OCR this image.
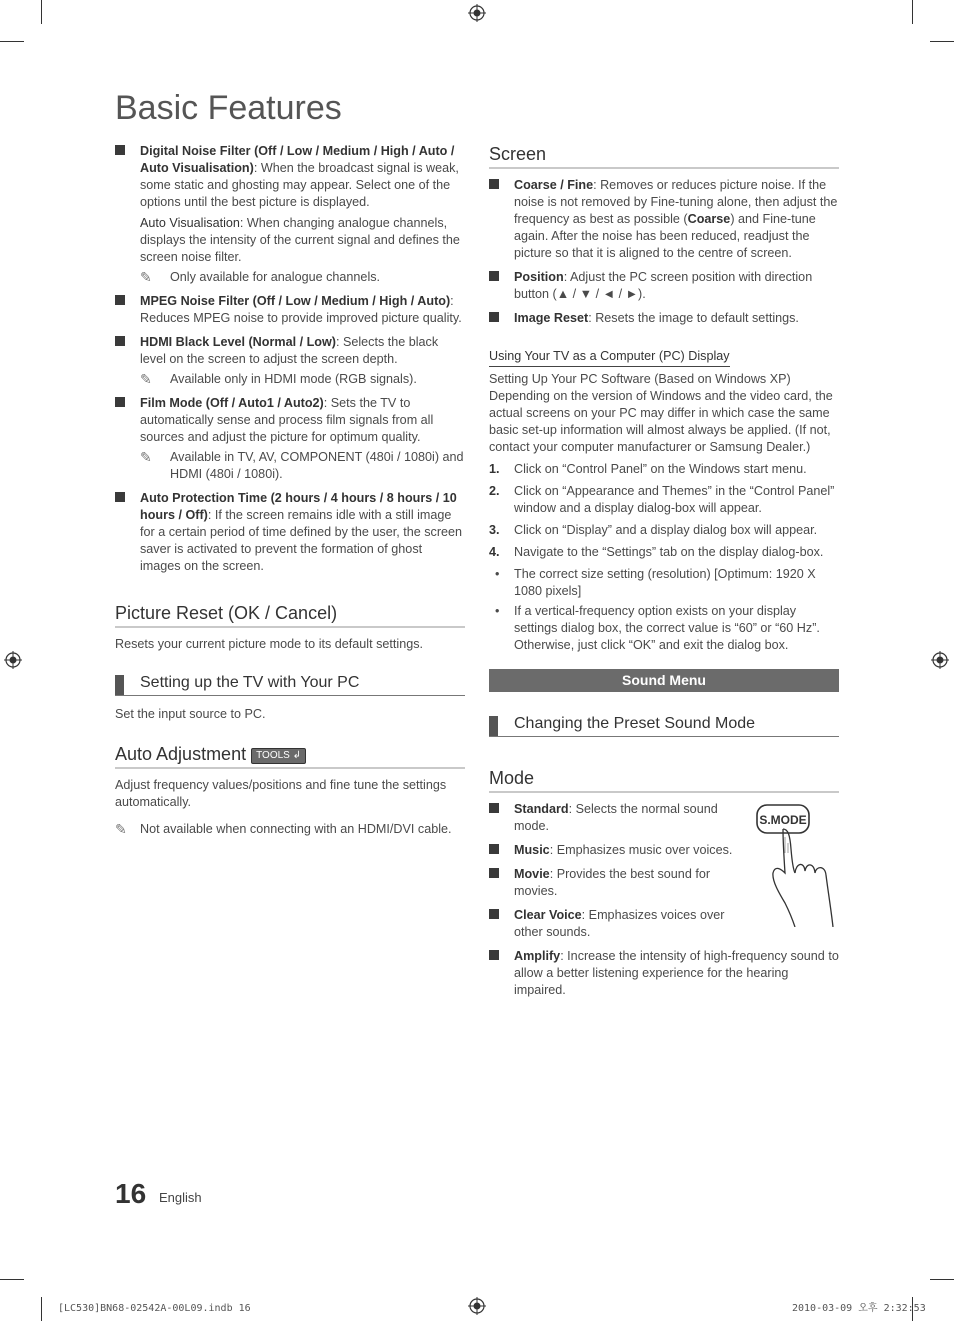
Basic Features
Digital Noise Filter (Off / Low / Medium / High / Auto / Auto Visualisation): When the broadcast signal is weak, some static and ghosting may appear. Select one of the options until the best picture is displayed.
Auto Visualisation: When changing analogue channels, displays the intensity of the current signal and defines the screen noise filter.
✎ Only available for analogue channels.
MPEG Noise Filter (Off / Low / Medium / High / Auto): Reduces MPEG noise to provide improved picture quality.
HDMI Black Level (Normal / Low): Selects the black level on the screen to adjust the screen depth.
✎ Available only in HDMI mode (RGB signals).
Film Mode (Off / Auto1 / Auto2): Sets the TV to automatically sense and process film signals from all sources and adjust the picture for optimum quality.
✎ Available in TV, AV, COMPONENT (480i / 1080i) and HDMI (480i / 1080i).
Auto Protection Time (2 hours / 4 hours / 8 hours / 10 hours / Off): If the screen remains idle with a still image for a certain period of time defined by the user, the screen saver is activated to prevent the formation of ghost images on the screen.
Picture Reset (OK / Cancel)
Resets your current picture mode to its default settings.
Setting up the TV with Your PC
Set the input source to PC.
Auto Adjustment TOOLS ↲
Adjust frequency values/positions and fine tune the settings automatically.
✎ Not available when connecting with an HDMI/DVI cable.
Screen
Coarse / Fine: Removes or reduces picture noise. If the noise is not removed by Fine-tuning alone, then adjust the frequency as best as possible (Coarse) and Fine-tune again. After the noise has been reduced, readjust the picture so that it is aligned to the centre of screen.
Position: Adjust the PC screen position with direction button (▲ / ▼ / ◄ / ►).
Image Reset: Resets the image to default settings.
Using Your TV as a Computer (PC) Display
Setting Up Your PC Software (Based on Windows XP)
Depending on the version of Windows and the video card, the actual screens on your PC may differ in which case the same basic set-up information will almost always be applied. (If not, contact your computer manufacturer or Samsung Dealer.)
1. Click on “Control Panel” on the Windows start menu.
2. Click on “Appearance and Themes” in the “Control Panel” window and a display dialog-box will appear.
3. Click on “Display” and a display dialog box will appear.
4. Navigate to the “Settings” tab on the display dialog-box.
• The correct size setting (resolution) [Optimum: 1920 X 1080 pixels]
• If a vertical-frequency option exists on your display settings dialog box, the correct value is “60” or “60 Hz”. Otherwise, just click “OK” and exit the dialog box.
Sound Menu
Changing the Preset Sound Mode
Mode
S.MODE
Standard: Selects the normal sound mode.
Music: Emphasizes music over voices.
Movie: Provides the best sound for movies.
Clear Voice: Emphasizes voices over other sounds.
Amplify: Increase the intensity of high-frequency sound to allow a better listening experience for the hearing impaired.
16 English
[LC530]BN68-02542A-00L09.indb 16	2010-03-09 오후 2:32:53
